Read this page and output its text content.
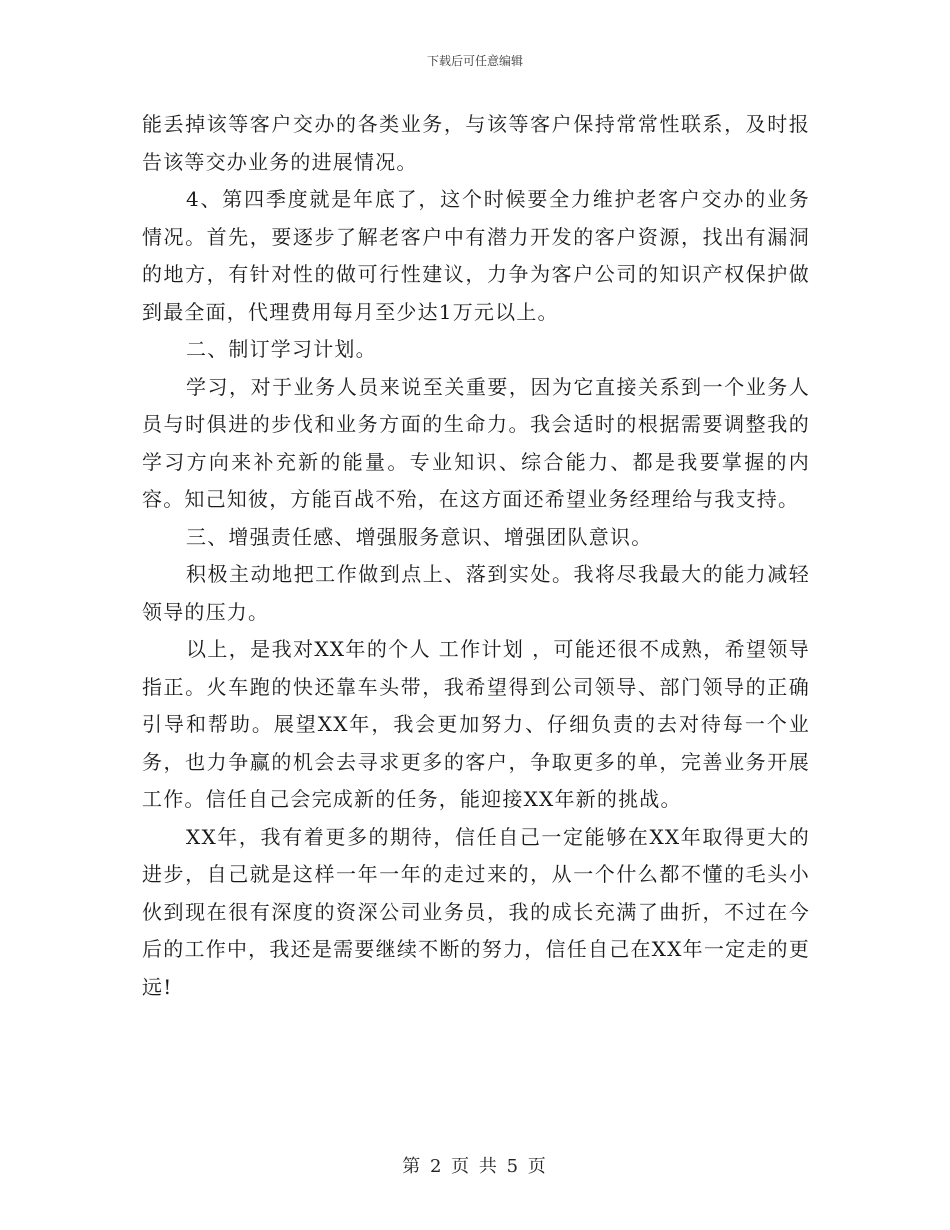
下载后可任意编辑

能丢掉该等客户交办的各类业务，与该等客户保持常常性联系，及时报告该等交办业务的进展情况。

4、第四季度就是年底了，这个时候要全力维护老客户交办的业务情况。首先，要逐步了解老客户中有潜力开发的客户资源，找出有漏洞的地方，有针对性的做可行性建议，力争为客户公司的知识产权保护做到最全面，代理费用每月至少达1万元以上。

二、制订学习计划。

学习，对于业务人员来说至关重要，因为它直接关系到一个业务人员与时俱进的步伐和业务方面的生命力。我会适时的根据需要调整我的学习方向来补充新的能量。专业知识、综合能力、都是我要掌握的内容。知己知彼，方能百战不殆，在这方面还希望业务经理给与我支持。

三、增强责任感、增强服务意识、增强团队意识。

积极主动地把工作做到点上、落到实处。我将尽我最大的能力减轻领导的压力。

以上，是我对XX年的个人 工作计划 ，可能还很不成熟，希望领导指正。火车跑的快还靠车头带，我希望得到公司领导、部门领导的正确引导和帮助。展望XX年，我会更加努力、仔细负责的去对待每一个业务，也力争赢的机会去寻求更多的客户，争取更多的单，完善业务开展工作。信任自己会完成新的任务，能迎接XX年新的挑战。

XX年，我有着更多的期待，信任自己一定能够在XX年取得更大的进步，自己就是这样一年一年的走过来的，从一个什么都不懂的毛头小伙到现在很有深度的资深公司业务员，我的成长充满了曲折，不过在今后的工作中，我还是需要继续不断的努力，信任自己在XX年一定走的更远!

第 2 页 共 5 页
